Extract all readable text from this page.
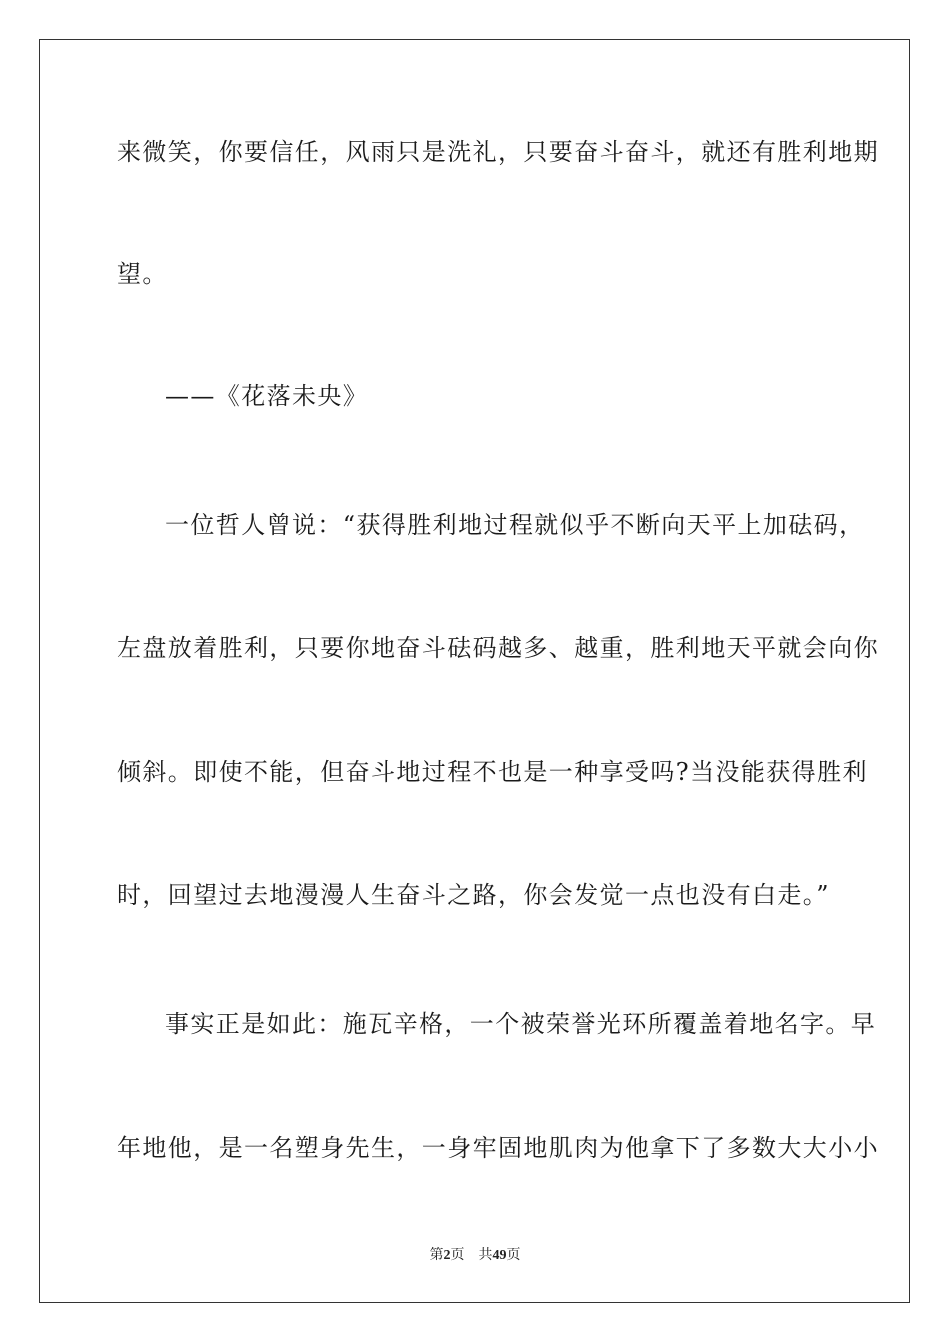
来微笑，你要信任，风雨只是洗礼，只要奋斗奋斗，就还有胜利地期
望。
——《花落未央》
一位哲人曾说：“获得胜利地过程就似乎不断向天平上加砝码，
左盘放着胜利，只要你地奋斗砝码越多、越重，胜利地天平就会向你
倾斜。即使不能，但奋斗地过程不也是一种享受吗?当没能获得胜利
时，回望过去地漫漫人生奋斗之路，你会发觉一点也没有白走。”
事实正是如此：施瓦辛格，一个被荣誉光环所覆盖着地名字。早
年地他，是一名塑身先生，一身牢固地肌肉为他拿下了多数大大小小
第2页 共49页
